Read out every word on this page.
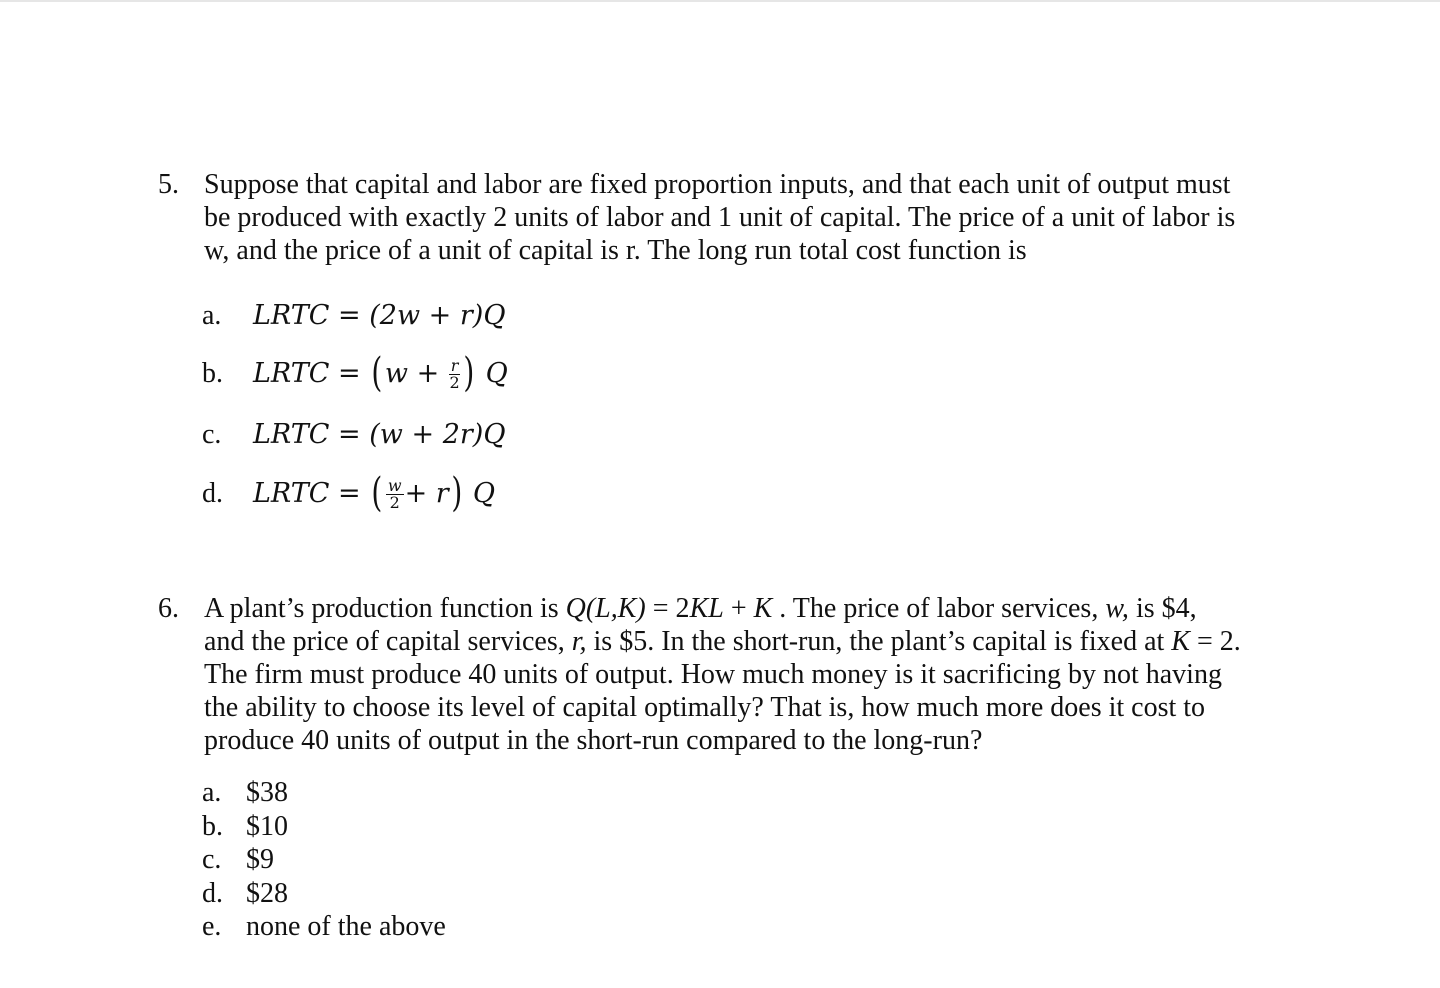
5. Suppose that capital and labor are fixed proportion inputs, and that each unit of output must
be produced with exactly 2 units of labor and 1 unit of capital. The price of a unit of labor is
w, and the price of a unit of capital is r. The long run total cost function is
a. LRTC = (2w + r)Q
b. LRTC = ($w + \frac{r}{2}$ ) Q
c. LRTC = (w + 2r)Q
d. LRTC = ( $\frac{w}{2} + r$) Q
6. A plant’s production function is Q(L,K) = 2KL + K . The price of labor services, w, is $4,
and the price of capital services, r, is $5. In the short-run, the plant’s capital is fixed at K = 2.
The firm must produce 40 units of output. How much money is it sacrificing by not having
the ability to choose its level of capital optimally? That is, how much more does it cost to
produce 40 units of output in the short-run compared to the long-run?
a. $38
b. $10
c. $9
d. $28
e. none of the above
